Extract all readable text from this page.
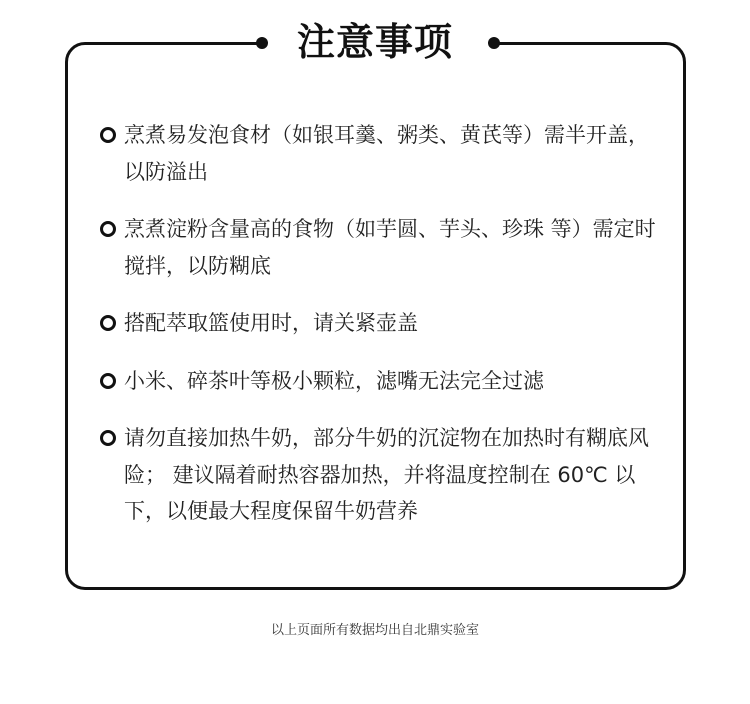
注意事项
烹煮易发泡食材（如银耳羹、粥类、黄芪等）需半开盖，以防溢出
烹煮淀粉含量高的食物（如芋圆、芋头、珍珠 等）需定时搅拌，以防糊底
搭配萃取篮使用时，请关紧壶盖
小米、碎茶叶等极小颗粒，滤嘴无法完全过滤
请勿直接加热牛奶，部分牛奶的沉淀物在加热时有糊底风险； 建议隔着耐热容器加热，并将温度控制在 60℃ 以下，以便最大程度保留牛奶营养
以上页面所有数据均出自北鼎实验室
